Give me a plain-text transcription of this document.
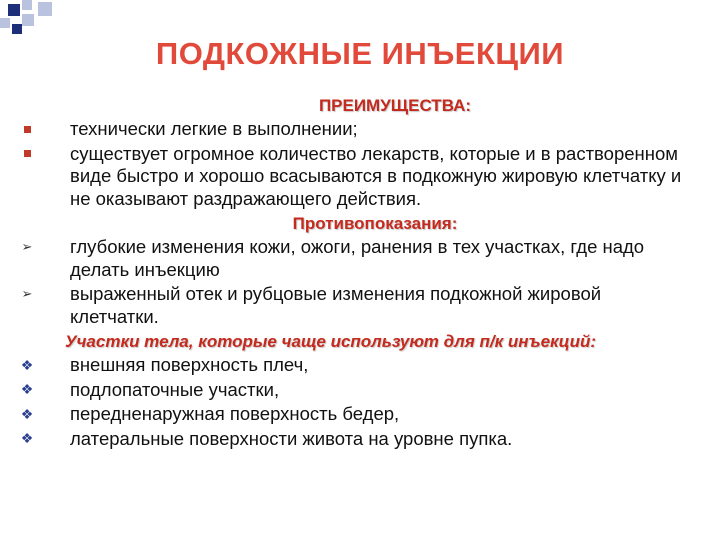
ПОДКОЖНЫЕ ИНЪЕКЦИИ
ПРЕИМУЩЕСТВА:
технически легкие в выполнении;
существует огромное количество лекарств, которые и в растворенном виде быстро и хорошо всасываются в подкожную жировую клетчатку и не оказывают раздражающего действия.
Противопоказания:
➢ глубокие изменения кожи, ожоги, ранения в тех участках, где надо делать инъекцию
➢ выраженный отек и рубцовые изменения подкожной жировой клетчатки.
Участки тела, которые чаще используют для п/к инъекций:
❖ внешняя поверхность плеч,
❖ подлопаточные участки,
❖ передненаружная поверхность бедер,
❖ латеральные поверхности живота на уровне пупка.
